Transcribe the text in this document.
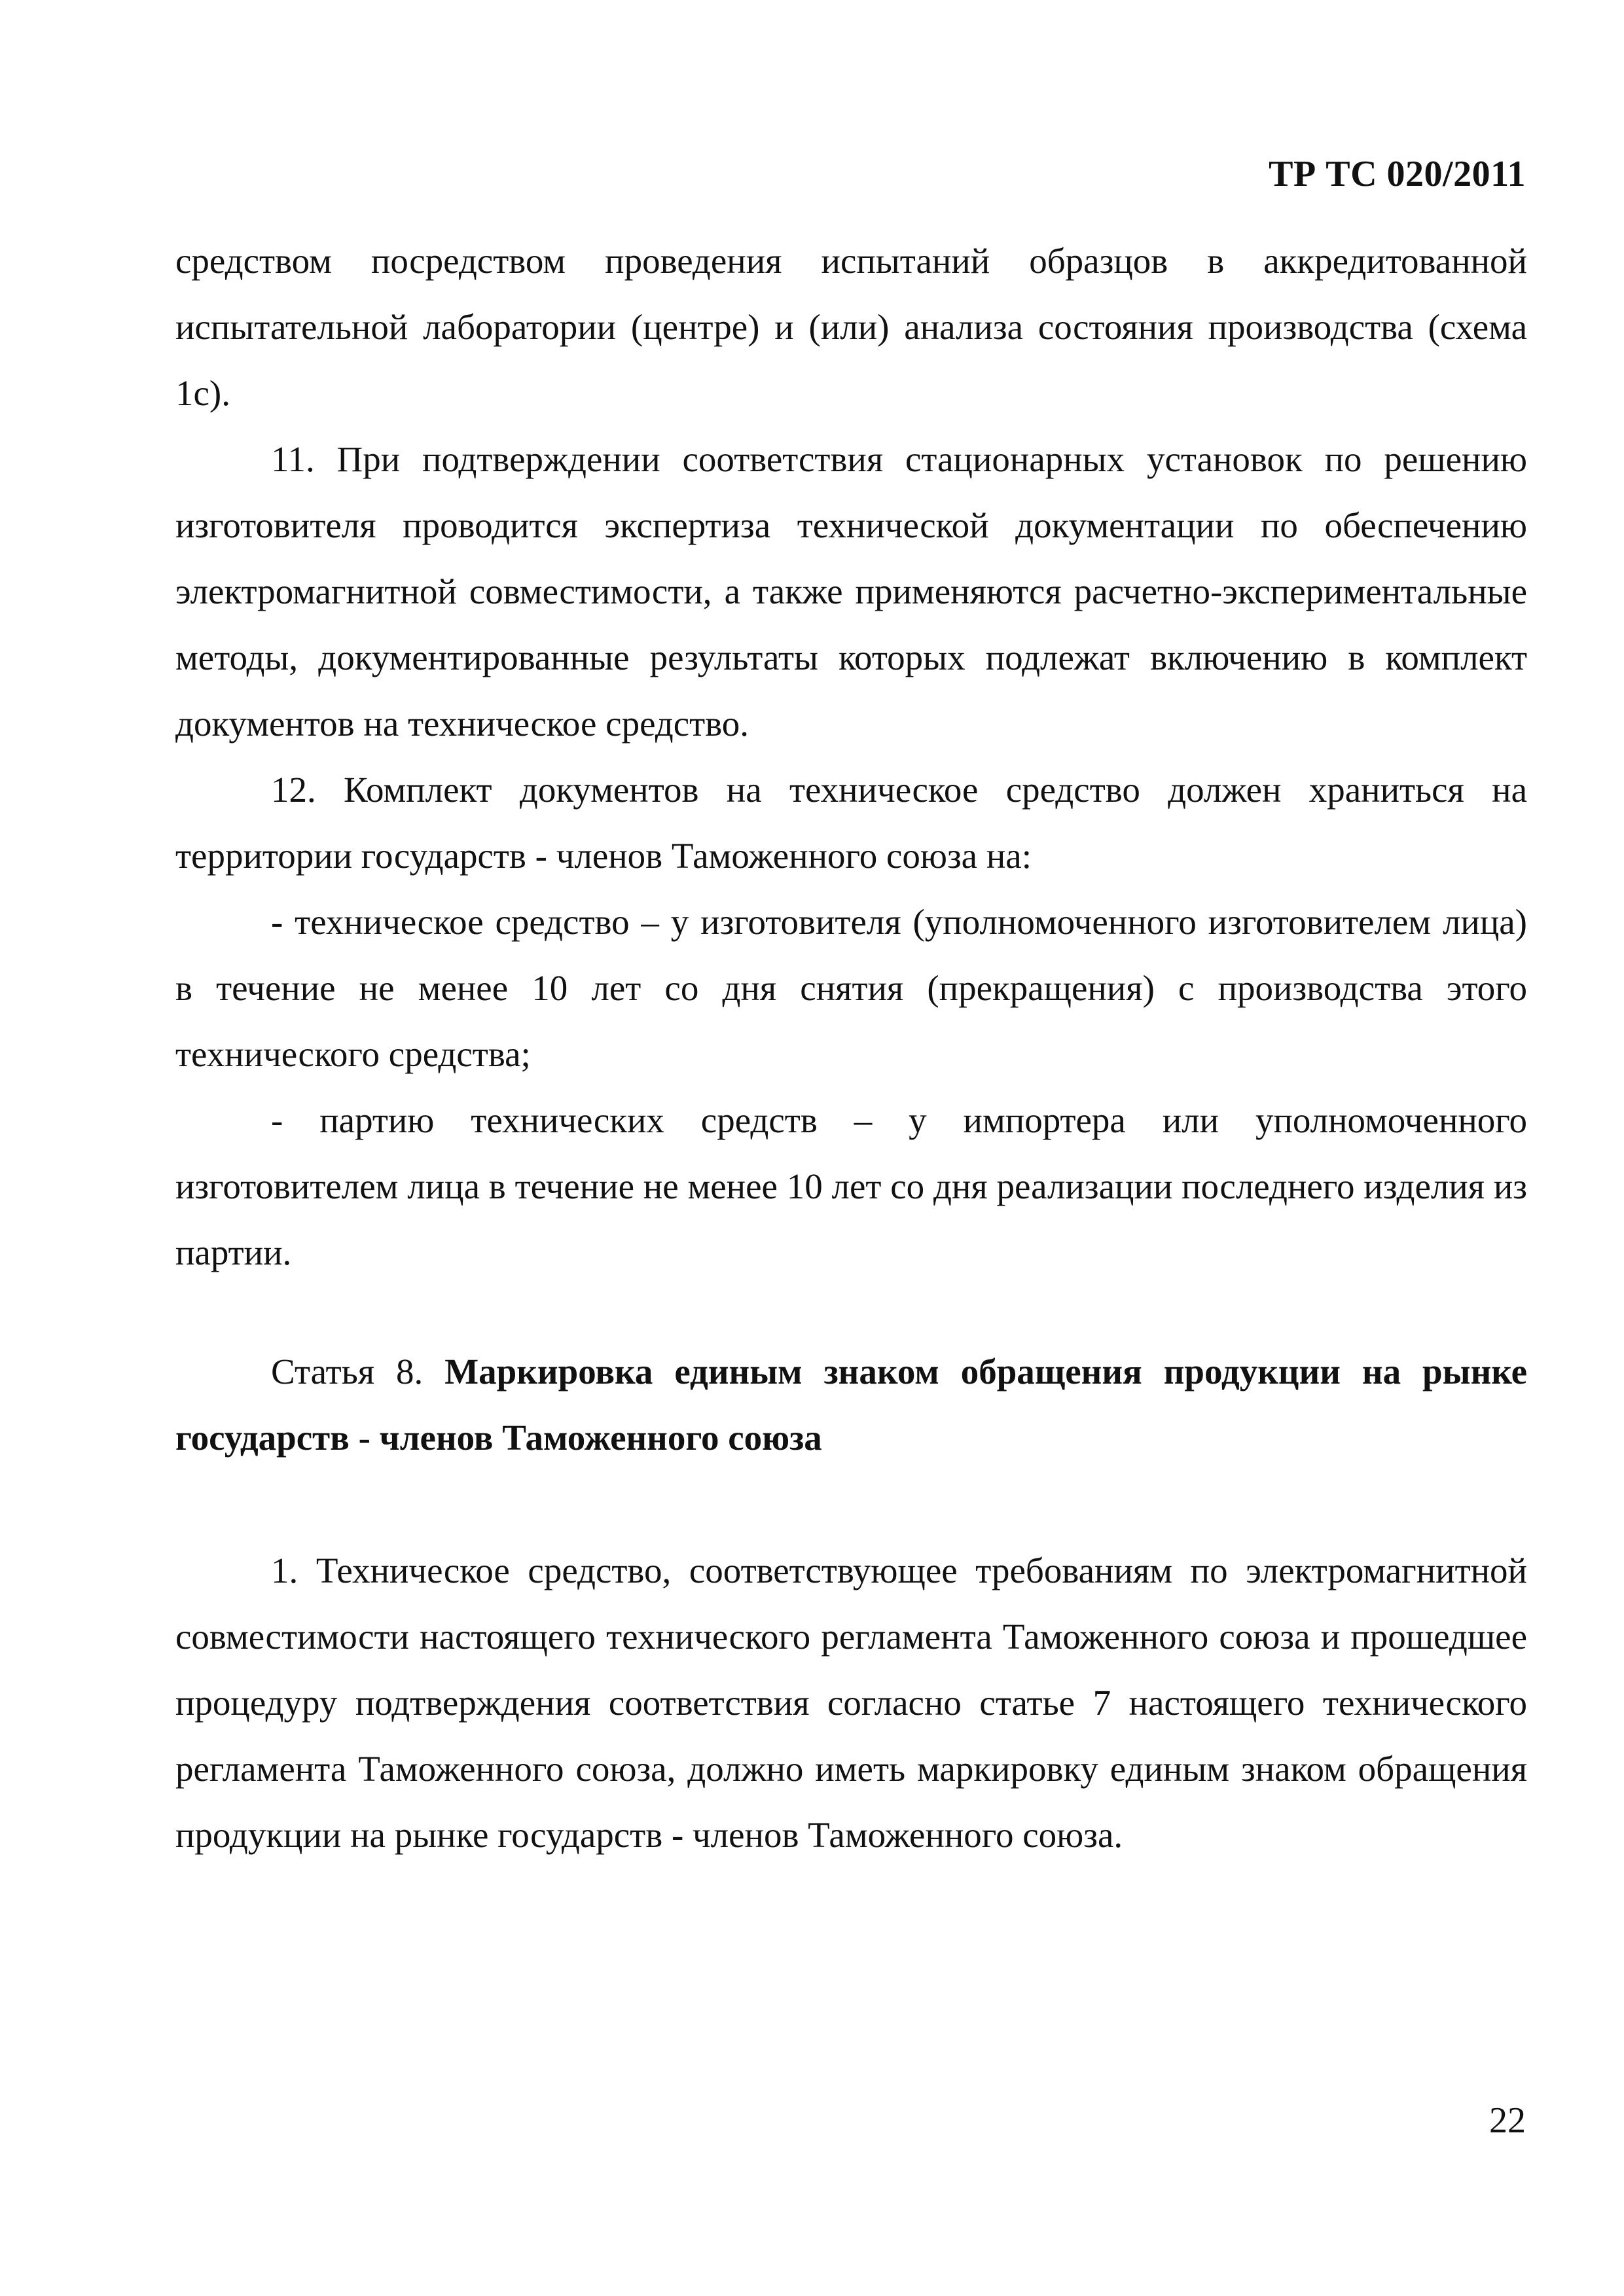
ТР ТС 020/2011

средством посредством проведения испытаний образцов в аккредитованной испытательной лаборатории (центре) и (или) анализа состояния производства (схема 1с).

11. При подтверждении соответствия стационарных установок по решению изготовителя проводится экспертиза технической документации по обеспечению электромагнитной совместимости, а также применяются расчетно-экспериментальные методы, документированные результаты которых подлежат включению в комплект документов на техническое средство.

12. Комплект документов на техническое средство должен храниться на территории государств - членов Таможенного союза на:

- техническое средство – у изготовителя (уполномоченного изготовителем лица) в течение не менее 10 лет со дня снятия (прекращения) с производства этого технического средства;

- партию технических средств – у импортера или уполномоченного изготовителем лица в течение не менее 10 лет со дня реализации последнего изделия из партии.

Статья 8. Маркировка единым знаком обращения продукции на рынке государств - членов Таможенного союза

1. Техническое средство, соответствующее требованиям по электромагнитной совместимости настоящего технического регламента Таможенного союза и прошедшее процедуру подтверждения соответствия согласно статье 7 настоящего технического регламента Таможенного союза, должно иметь маркировку единым знаком обращения продукции на рынке государств - членов Таможенного союза.

22
